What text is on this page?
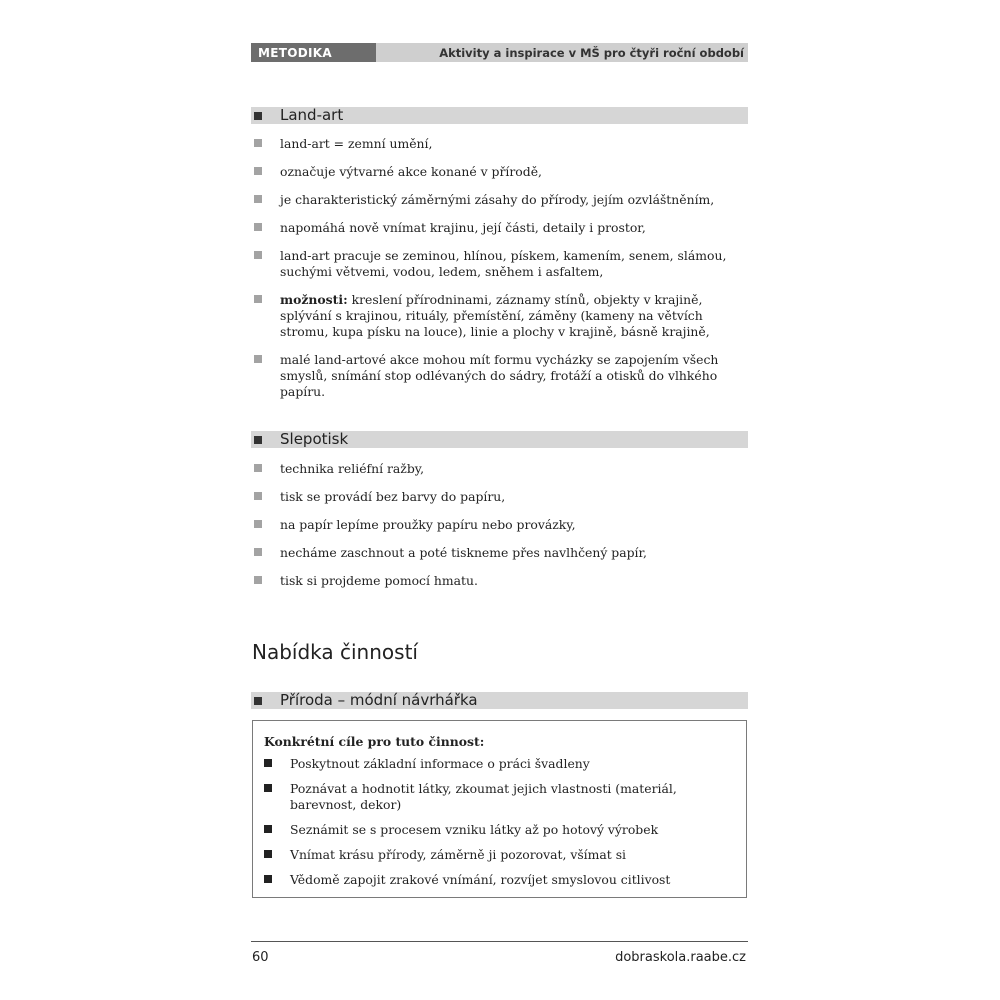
METODIKA	Aktivity a inspirace v MŠ pro čtyři roční období
Land-art
land-art = zemní umění,
označuje výtvarné akce konané v přírodě,
je charakteristický záměrnými zásahy do přírody, jejím ozvláštněním,
napomáhá nově vnímat krajinu, její části, detaily i prostor,
land-art pracuje se zeminou, hlínou, pískem, kamením, senem, slámou, suchými větvemi, vodou, ledem, sněhem i asfaltem,
možnosti: kreslení přírodninami, záznamy stínů, objekty v krajině, splývání s krajinou, rituály, přemístění, záměny (kameny na větvích stromu, kupa písku na louce), linie a plochy v krajině, básně krajině,
malé land-artové akce mohou mít formu vycházky se zapojením všech smyslů, snímání stop odlévaných do sádry, frotáží a otisků do vlhkého papíru.
Slepotisk
technika reliéfní ražby,
tisk se provádí bez barvy do papíru,
na papír lepíme proužky papíru nebo provázky,
necháme zaschnout a poté tiskneme přes navlhčený papír,
tisk si projdeme pomocí hmatu.
Nabídka činností
Příroda – módní návrhářka
Konkrétní cíle pro tuto činnost:
Poskytnout základní informace o práci švadleny
Poznávat a hodnotit látky, zkoumat jejich vlastnosti (materiál, barevnost, dekor)
Seznámit se s procesem vzniku látky až po hotový výrobek
Vnímat krásu přírody, záměrně ji pozorovat, všímat si
Vědomě zapojit zrakové vnímání, rozvíjet smyslovou citlivost
60	dobraskola.raabe.cz
